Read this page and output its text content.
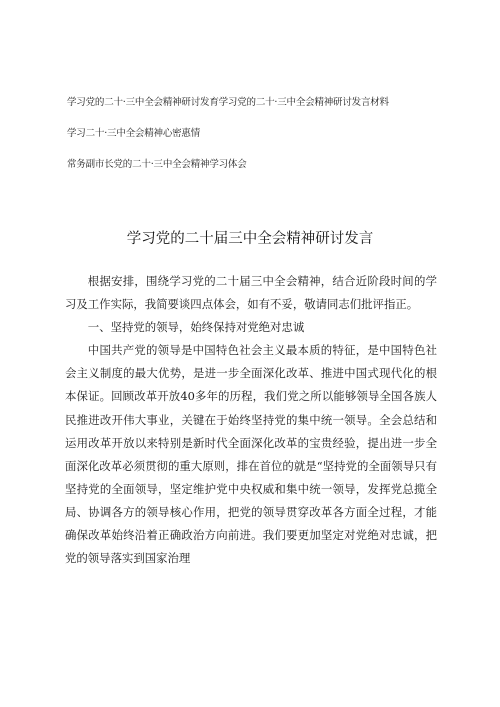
学习党的二十·三中全会精神研讨发育学习党的二十·三中全会精神研讨发言材料
学习二十·三中全会精神心密惠情
常务副市长党的二十·三中全会精神学习体会
学习党的二十届三中全会精神研讨发言

根据安排，围绕学习党的二十届三中全会精神，结合近阶段时间的学习及工作实际，我简要谈四点体会，如有不妥，敬请同志们批评指正。

一、坚持党的领导，始终保持对党绝对忠诚

中国共产党的领导是中国特色社会主义最本质的特征，是中国特色社会主义制度的最大优势，是进一步全面深化改革、推进中国式现代化的根本保证。回顾改革开放40多年的历程，我们党之所以能够领导全国各族人民推进改开伟大事业，关键在于始终坚持党的集中统一领导。全会总结和运用改革开放以来特别是新时代全面深化改革的宝贵经验，提出进一步全面深化改革必须贯彻的重大原则，排在首位的就是“坚持党的全面领导只有坚持党的全面领导，坚定维护党中央权威和集中统一领导，发挥党总揽全局、协调各方的领导核心作用，把党的领导贯穿改革各方面全过程，才能确保改革始终沿着正确政治方向前进。我们要更加坚定对党绝对忠诚，把党的领导落实到国家治理
